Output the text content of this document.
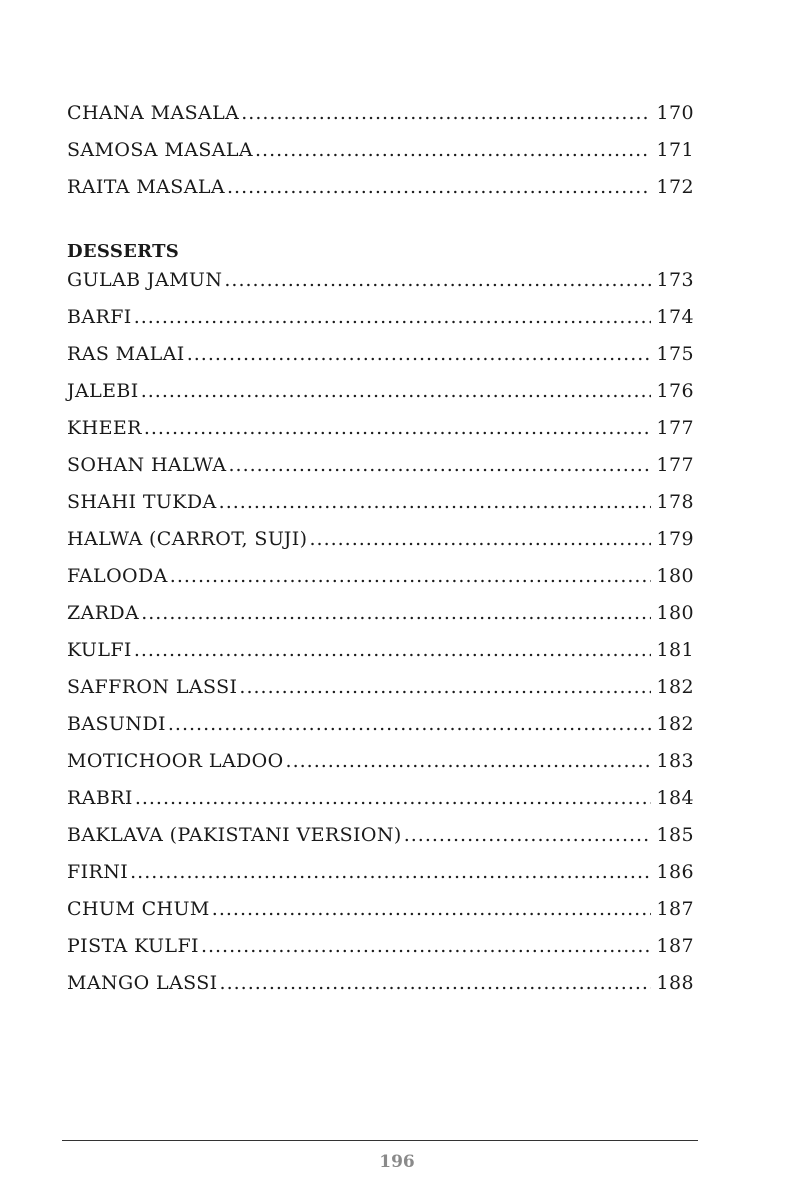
CHANA MASALA .....	170
SAMOSA MASALA .....	171
RAITA MASALA .....	172
DESSERTS
GULAB JAMUN .....	173
BARFI .....	174
RAS MALAI .....	175
JALEBI .....	176
KHEER .....	177
SOHAN HALWA .....	177
SHAHI TUKDA .....	178
HALWA (CARROT, SUJI) .....	179
FALOODA .....	180
ZARDA .....	180
KULFI .....	181
SAFFRON LASSI .....	182
BASUNDI .....	182
MOTICHOOR LADOO .....	183
RABRI .....	184
BAKLAVA (PAKISTANI VERSION) .....	185
FIRNI .....	186
CHUM CHUM .....	187
PISTA KULFI .....	187
MANGO LASSI .....	188
196
